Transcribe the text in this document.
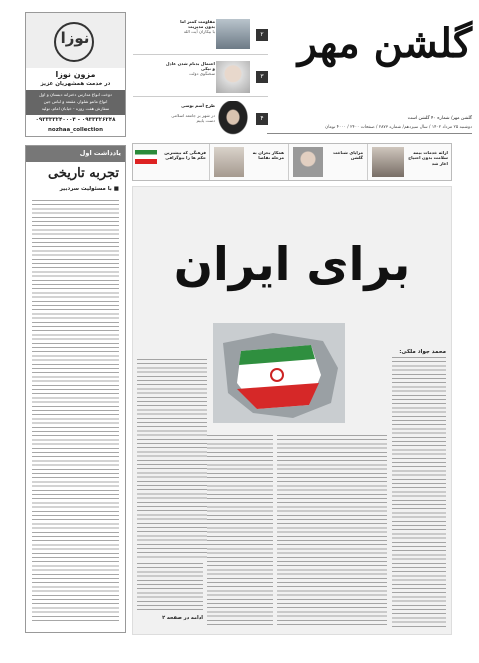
گلشن مهر
گلشن مهر/ شماره ۴۰ گلشن است
دوشنبه ۲۵ مرداد ۱۴۰۲ / سال سیزدهم/ شماره ۲۸۷۳ / صفحات ۲۴۰۰ / ۴۰۰۰ تومان
۲
مقاومت کمتر اما بدون مدیریت
با بیکاران آیت الله
۳
احتمال بدنام شدن عادل و نیکی
سخنگوی دولت
۴
طرح آسم بوسی
در شهر بر جامعه اسلامی دست یابیم
نوزا
مزون نوزا
در خدمت همشهریان عزیز
دوخت انواع مدارس دخترانه دبستان و اول
انواع مانتو شلوار، مقنعه و لباس جین
سفارش هفت روزه - خیابان امام، تولید
۰۹۳۳۳۲۶۲۴۸ - ۰۹۳۳۳۳۲۴۰۰۰۴
nozhaa_collection
یادداشت اول
تجربه تاریخی
■ با مسئولیت سردبیر
ارائه خدمات بیمه سلامت بدون احتیاج اغاز شد
مزایای شناخت گلشن
همکار بحران به مرحله تقاضا
فرهنگی که بیشترین حکم ها را بیوگرافی
برای ایران
محمد جواد ملکی:
ادامه در صفحه ۲
